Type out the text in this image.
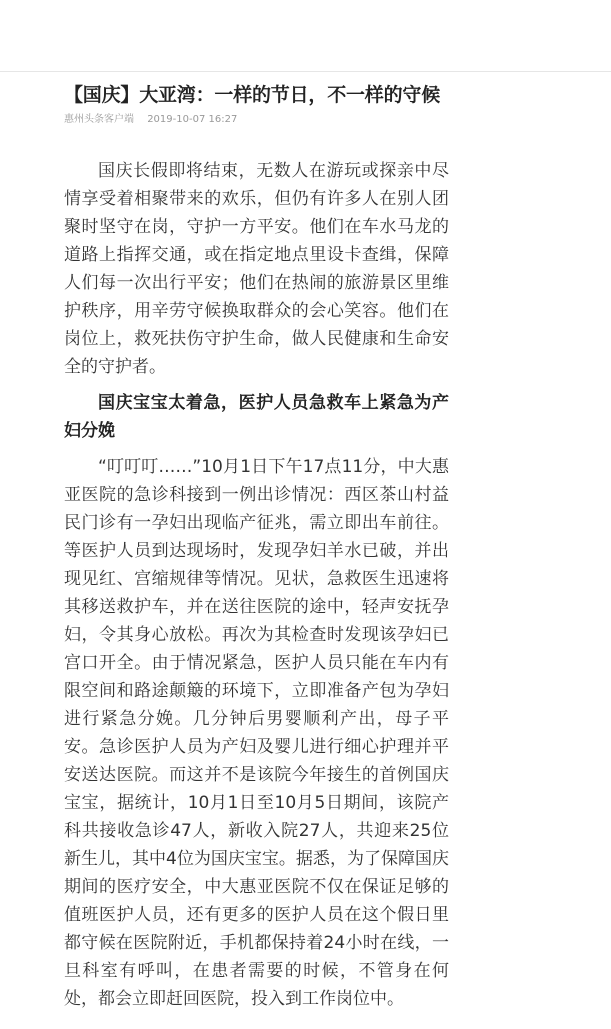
【国庆】大亚湾：一样的节日，不一样的守候
惠州头条客户端 2019-10-07 16:27

国庆长假即将结束，无数人在游玩或探亲中尽情享受着相聚带来的欢乐，但仍有许多人在别人团聚时坚守在岗，守护一方平安。他们在车水马龙的道路上指挥交通，或在指定地点里设卡查缉，保障人们每一次出行平安；他们在热闹的旅游景区里维护秩序，用辛劳守候换取群众的会心笑容。他们在岗位上，救死扶伤守护生命，做人民健康和生命安全的守护者。

国庆宝宝太着急，医护人员急救车上紧急为产妇分娩

“叮叮叮……”10月1日下午17点11分，中大惠亚医院的急诊科接到一例出诊情况：西区茶山村益民门诊有一孕妇出现临产征兆，需立即出车前往。等医护人员到达现场时，发现孕妇羊水已破，并出现见红、宫缩规律等情况。见状，急救医生迅速将其移送救护车，并在送往医院的途中，轻声安抚孕妇，令其身心放松。再次为其检查时发现该孕妇已宫口开全。由于情况紧急，医护人员只能在车内有限空间和路途颠簸的环境下，立即准备产包为孕妇进行紧急分娩。几分钟后男婴顺利产出，母子平安。急诊医护人员为产妇及婴儿进行细心护理并平安送达医院。而这并不是该院今年接生的首例国庆宝宝，据统计，10月1日至10月5日期间，该院产科共接收急诊47人，新收入院27人，共迎来25位新生儿，其中4位为国庆宝宝。据悉，为了保障国庆期间的医疗安全，中大惠亚医院不仅在保证足够的值班医护人员，还有更多的医护人员在这个假日里都守候在医院附近，手机都保持着24小时在线，一旦科室有呼叫，在患者需要的时候，不管身在何处，都会立即赶回医院，投入到工作岗位中。
